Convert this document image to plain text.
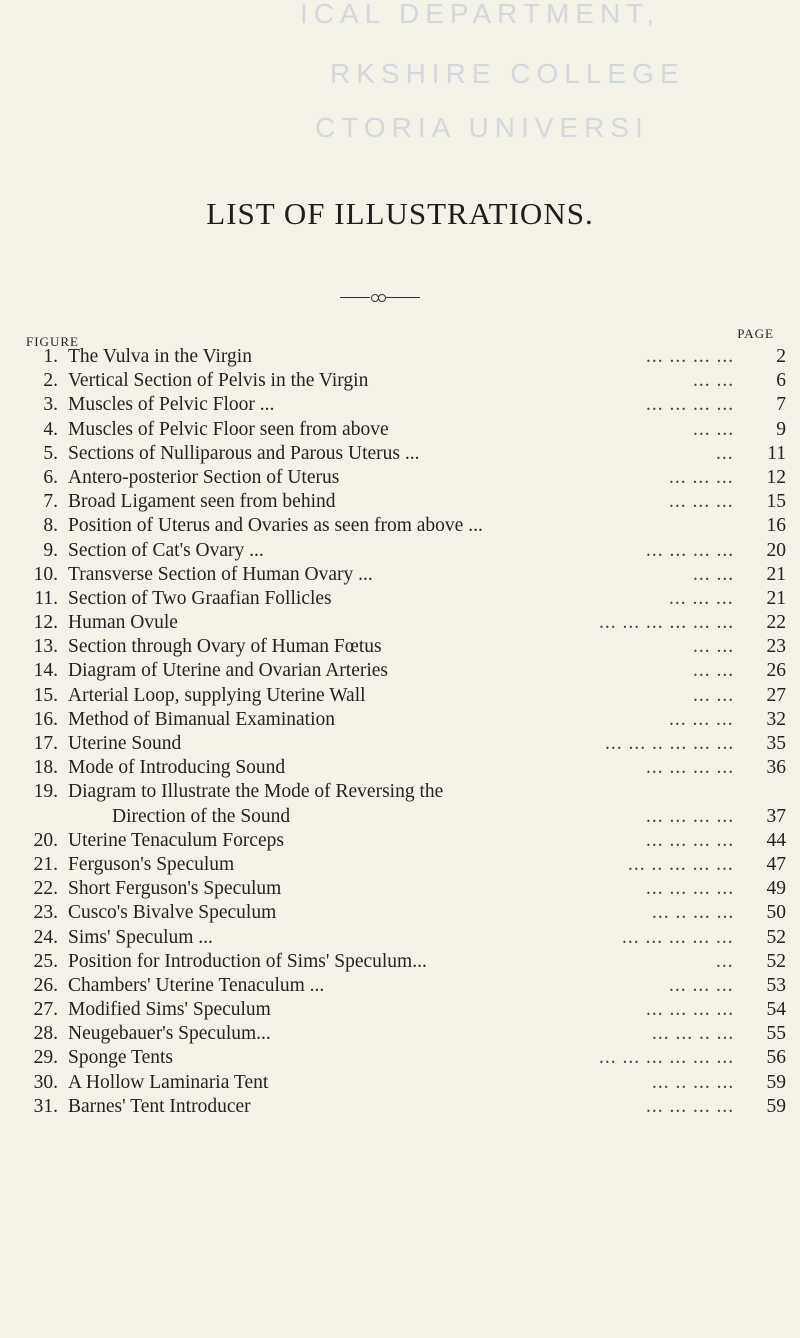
ICAL DEPARTMENT,
RKSHIRE COLLEGE
CTORIA UNIVERSI
LIST OF ILLUSTRATIONS.
FIGURE
PAGE
1. The Vulva in the Virgin	... ... ... ...	2
2. Vertical Section of Pelvis in the Virgin	... ...	6
3. Muscles of Pelvic Floor ...	... ... ... ...	7
4. Muscles of Pelvic Floor seen from above	... ...	9
5. Sections of Nulliparous and Parous Uterus ...	...	11
6. Antero-posterior Section of Uterus	... ... ...	12
7. Broad Ligament seen from behind	... ... ...	15
8. Position of Uterus and Ovaries as seen from above ...	16
9. Section of Cat's Ovary ...	... ... ... ...	20
10. Transverse Section of Human Ovary ...	... ...	21
11. Section of Two Graafian Follicles	... ... ...	21
12. Human Ovule	... ... ... ... ... ...	22
13. Section through Ovary of Human Fœtus	... ...	23
14. Diagram of Uterine and Ovarian Arteries	... ...	26
15. Arterial Loop, supplying Uterine Wall	... ...	27
16. Method of Bimanual Examination	... ... ...	32
17. Uterine Sound	... ... .. ... ... ...	35
18. Mode of Introducing Sound	... ... ... ...	36
19. Diagram to Illustrate the Mode of Reversing the
Direction of the Sound	... ... ... ...	37
20. Uterine Tenaculum Forceps	... ... ... ...	44
21. Ferguson's Speculum	... .. ... ... ...	47
22. Short Ferguson's Speculum	... ... ... ...	49
23. Cusco's Bivalve Speculum	... .. ... ...	50
24. Sims' Speculum ...	... ... ... ... ...	52
25. Position for Introduction of Sims' Speculum...	...	52
26. Chambers' Uterine Tenaculum ...	... ... ...	53
27. Modified Sims' Speculum	... ... ... ...	54
28. Neugebauer's Speculum...	... ... .. ...	55
29. Sponge Tents	... ... ... ... ... ...	56
30. A Hollow Laminaria Tent	... .. ... ...	59
31. Barnes' Tent Introducer	... ... ... ...	59
